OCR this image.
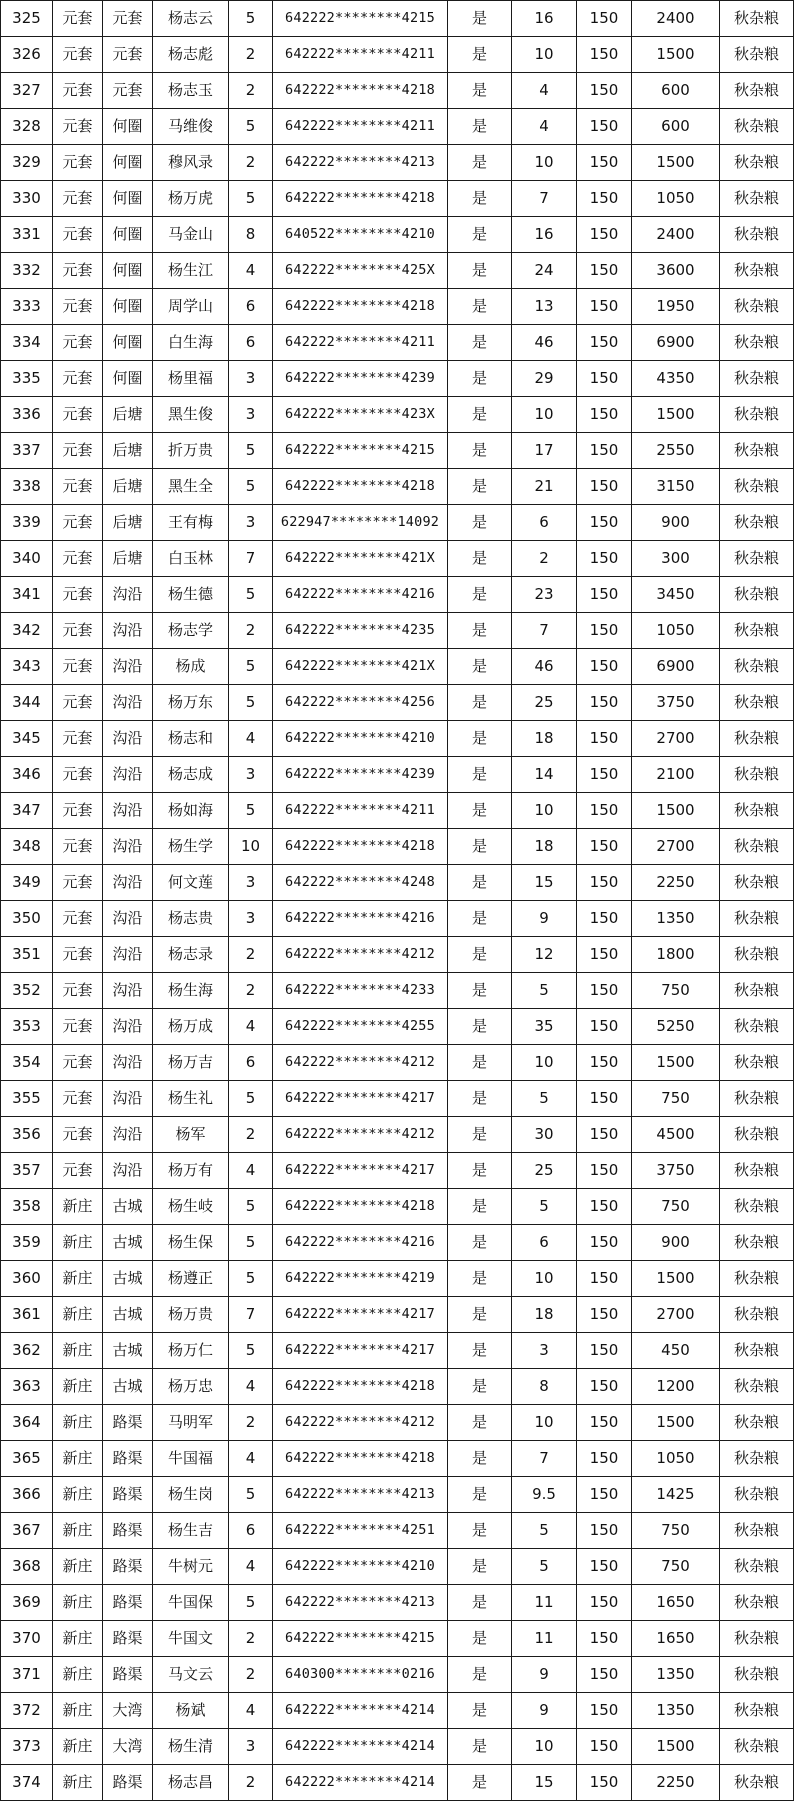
325	元套	元套	杨志云	5	642222********4215	是	16	150	2400	秋杂粮
326	元套	元套	杨志彪	2	642222********4211	是	10	150	1500	秋杂粮
327	元套	元套	杨志玉	2	642222********4218	是	4	150	600	秋杂粮
328	元套	何圈	马维俊	5	642222********4211	是	4	150	600	秋杂粮
329	元套	何圈	穆风录	2	642222********4213	是	10	150	1500	秋杂粮
330	元套	何圈	杨万虎	5	642222********4218	是	7	150	1050	秋杂粮
331	元套	何圈	马金山	8	640522********4210	是	16	150	2400	秋杂粮
332	元套	何圈	杨生江	4	642222********425X	是	24	150	3600	秋杂粮
333	元套	何圈	周学山	6	642222********4218	是	13	150	1950	秋杂粮
334	元套	何圈	白生海	6	642222********4211	是	46	150	6900	秋杂粮
335	元套	何圈	杨里福	3	642222********4239	是	29	150	4350	秋杂粮
336	元套	后塘	黑生俊	3	642222********423X	是	10	150	1500	秋杂粮
337	元套	后塘	折万贵	5	642222********4215	是	17	150	2550	秋杂粮
338	元套	后塘	黑生全	5	642222********4218	是	21	150	3150	秋杂粮
339	元套	后塘	王有梅	3	622947********14092	是	6	150	900	秋杂粮
340	元套	后塘	白玉林	7	642222********421X	是	2	150	300	秋杂粮
341	元套	沟沿	杨生德	5	642222********4216	是	23	150	3450	秋杂粮
342	元套	沟沿	杨志学	2	642222********4235	是	7	150	1050	秋杂粮
343	元套	沟沿	杨成	5	642222********421X	是	46	150	6900	秋杂粮
344	元套	沟沿	杨万东	5	642222********4256	是	25	150	3750	秋杂粮
345	元套	沟沿	杨志和	4	642222********4210	是	18	150	2700	秋杂粮
346	元套	沟沿	杨志成	3	642222********4239	是	14	150	2100	秋杂粮
347	元套	沟沿	杨如海	5	642222********4211	是	10	150	1500	秋杂粮
348	元套	沟沿	杨生学	10	642222********4218	是	18	150	2700	秋杂粮
349	元套	沟沿	何文莲	3	642222********4248	是	15	150	2250	秋杂粮
350	元套	沟沿	杨志贵	3	642222********4216	是	9	150	1350	秋杂粮
351	元套	沟沿	杨志录	2	642222********4212	是	12	150	1800	秋杂粮
352	元套	沟沿	杨生海	2	642222********4233	是	5	150	750	秋杂粮
353	元套	沟沿	杨万成	4	642222********4255	是	35	150	5250	秋杂粮
354	元套	沟沿	杨万吉	6	642222********4212	是	10	150	1500	秋杂粮
355	元套	沟沿	杨生礼	5	642222********4217	是	5	150	750	秋杂粮
356	元套	沟沿	杨军	2	642222********4212	是	30	150	4500	秋杂粮
357	元套	沟沿	杨万有	4	642222********4217	是	25	150	3750	秋杂粮
358	新庄	古城	杨生岐	5	642222********4218	是	5	150	750	秋杂粮
359	新庄	古城	杨生保	5	642222********4216	是	6	150	900	秋杂粮
360	新庄	古城	杨遵正	5	642222********4219	是	10	150	1500	秋杂粮
361	新庄	古城	杨万贵	7	642222********4217	是	18	150	2700	秋杂粮
362	新庄	古城	杨万仁	5	642222********4217	是	3	150	450	秋杂粮
363	新庄	古城	杨万忠	4	642222********4218	是	8	150	1200	秋杂粮
364	新庄	路渠	马明军	2	642222********4212	是	10	150	1500	秋杂粮
365	新庄	路渠	牛国福	4	642222********4218	是	7	150	1050	秋杂粮
366	新庄	路渠	杨生岗	5	642222********4213	是	9.5	150	1425	秋杂粮
367	新庄	路渠	杨生吉	6	642222********4251	是	5	150	750	秋杂粮
368	新庄	路渠	牛树元	4	642222********4210	是	5	150	750	秋杂粮
369	新庄	路渠	牛国保	5	642222********4213	是	11	150	1650	秋杂粮
370	新庄	路渠	牛国文	2	642222********4215	是	11	150	1650	秋杂粮
371	新庄	路渠	马文云	2	640300********0216	是	9	150	1350	秋杂粮
372	新庄	大湾	杨斌	4	642222********4214	是	9	150	1350	秋杂粮
373	新庄	大湾	杨生清	3	642222********4214	是	10	150	1500	秋杂粮
374	新庄	路渠	杨志昌	2	642222********4214	是	15	150	2250	秋杂粮
